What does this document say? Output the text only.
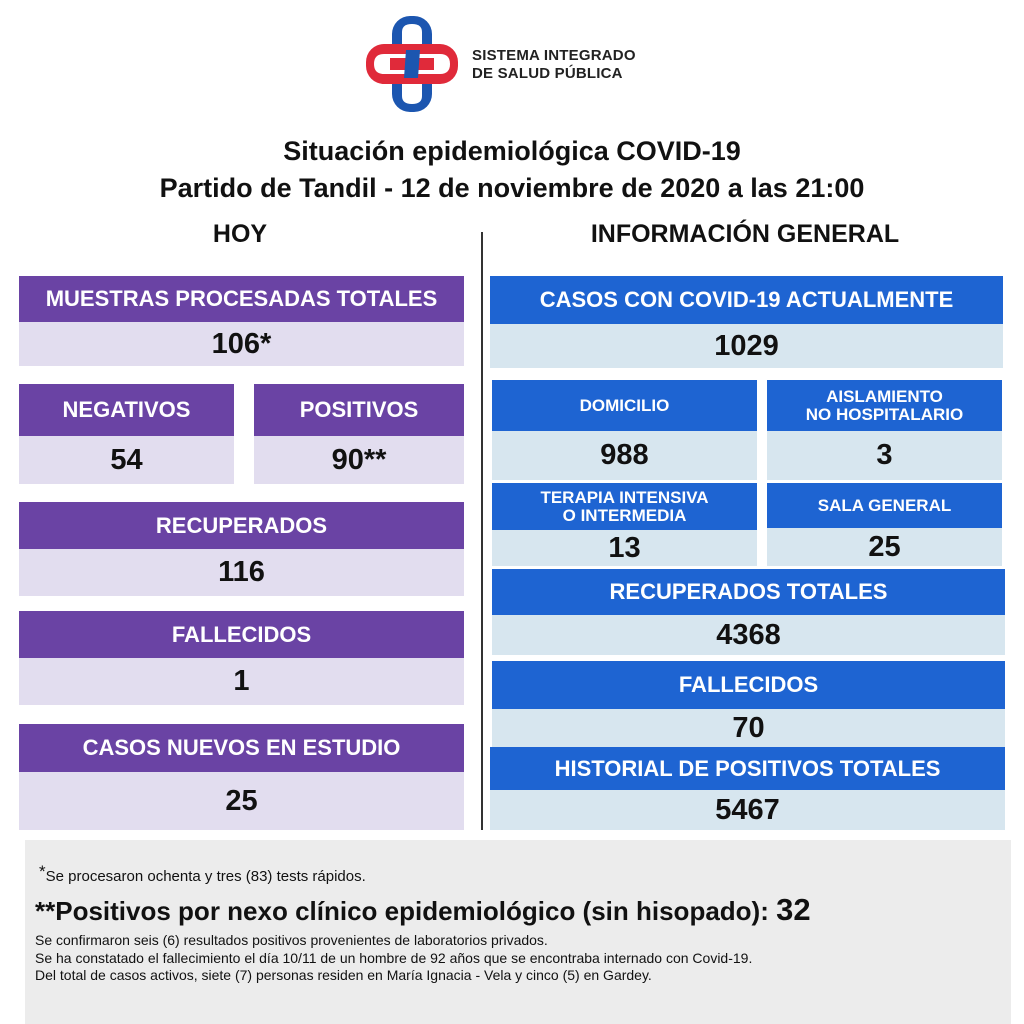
SISTEMA INTEGRADO
DE SALUD PÚBLICA
Situación epidemiológica COVID-19
Partido de Tandil - 12 de noviembre de 2020 a las 21:00
HOY	INFORMACIÓN GENERAL
MUESTRAS PROCESADAS TOTALES
106*
NEGATIVOS
54
POSITIVOS
90**
RECUPERADOS
116
FALLECIDOS
1
CASOS NUEVOS EN ESTUDIO
25
CASOS CON COVID-19 ACTUALMENTE
1029
DOMICILIO
988
AISLAMIENTO
NO HOSPITALARIO
3
TERAPIA INTENSIVA
O INTERMEDIA
13
SALA GENERAL
25
RECUPERADOS TOTALES
4368
FALLECIDOS
70
HISTORIAL DE POSITIVOS TOTALES
5467
*Se procesaron ochenta y tres (83) tests rápidos.
**Positivos por nexo clínico epidemiológico (sin hisopado): 32
Se confirmaron seis (6) resultados positivos provenientes de laboratorios privados.
Se ha constatado el fallecimiento el día 10/11 de un hombre de 92 años que se encontraba internado con Covid-19.
Del total de casos activos, siete (7) personas residen en María Ignacia - Vela y cinco (5) en Gardey.
